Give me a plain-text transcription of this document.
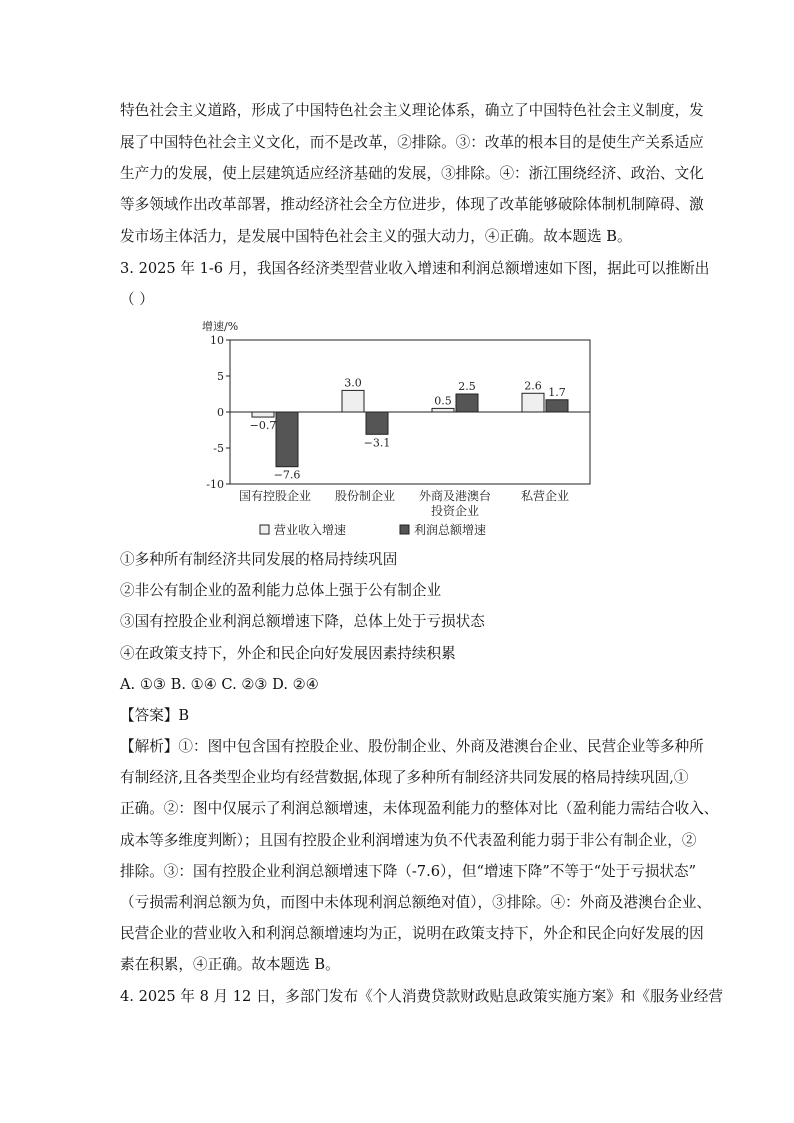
特色社会主义道路，形成了中国特色社会主义理论体系，确立了中国特色社会主义制度，发
展了中国特色社会主义文化，而不是改革，②排除。③：改革的根本目的是使生产关系适应
生产力的发展，使上层建筑适应经济基础的发展，③排除。④：浙江围绕经济、政治、文化
等多领域作出改革部署，推动经济社会全方位进步，体现了改革能够破除体制机制障碍、激
发市场主体活力，是发展中国特色社会主义的强大动力，④正确。故本题选 B。
3. 2025 年 1-6 月，我国各经济类型营业收入增速和利润总额增速如下图，据此可以推断出
（ ）
增速/%
10
5
0
-5
-10
−0.7
−7.6
国有控股企业
3.0
−3.1
股份制企业
0.5
2.5
外商及港澳台
投资企业
2.6 1.7
私营企业
营业收入增速	利润总额增速
①多种所有制经济共同发展的格局持续巩固
②非公有制企业的盈利能力总体上强于公有制企业
③国有控股企业利润总额增速下降，总体上处于亏损状态
④在政策支持下，外企和民企向好发展因素持续积累
A. ①③ B. ①④ C. ②③ D. ②④
【答案】B
【解析】①：图中包含国有控股企业、股份制企业、外商及港澳台企业、民营企业等多种所
有制经济,且各类型企业均有经营数据,体现了多种所有制经济共同发展的格局持续巩固,①
正确。②：图中仅展示了利润总额增速，未体现盈利能力的整体对比（盈利能力需结合收入、
成本等多维度判断）；且国有控股企业利润增速为负不代表盈利能力弱于非公有制企业，②
排除。③：国有控股企业利润总额增速下降（-7.6），但“增速下降”不等于“处于亏损状态”
（亏损需利润总额为负，而图中未体现利润总额绝对值），③排除。④：外商及港澳台企业、
民营企业的营业收入和利润总额增速均为正，说明在政策支持下，外企和民企向好发展的因
素在积累，④正确。故本题选 B。
4. 2025 年 8 月 12 日，多部门发布《个人消费贷款财政贴息政策实施方案》和《服务业经营
